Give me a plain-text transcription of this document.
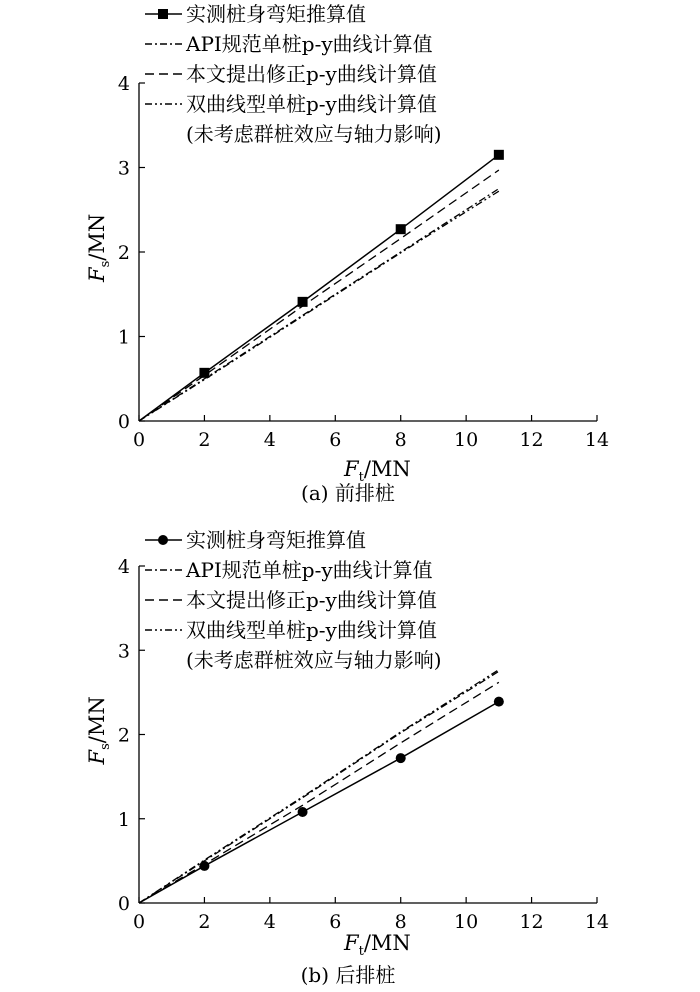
0	2	4	6	8 10 12 14
0
1
2
3
4
$F_t/MN$
$F_s/MN$
(a) 前排桩
实测桩身弯矩推算值
API规范单桩p-y曲线计算值
本文提出修正p-y曲线计算值
双曲线型单桩p-y曲线计算值
(未考虑群桩效应与轴力影响)
0	2	4	6	8 10 12 14
0
1
2
3
4
$F_t/MN$
$F_s/MN$
(b) 后排桩
实测桩身弯矩推算值
API规范单桩p-y曲线计算值
本文提出修正p-y曲线计算值
双曲线型单桩p-y曲线计算值
(未考虑群桩效应与轴力影响)
